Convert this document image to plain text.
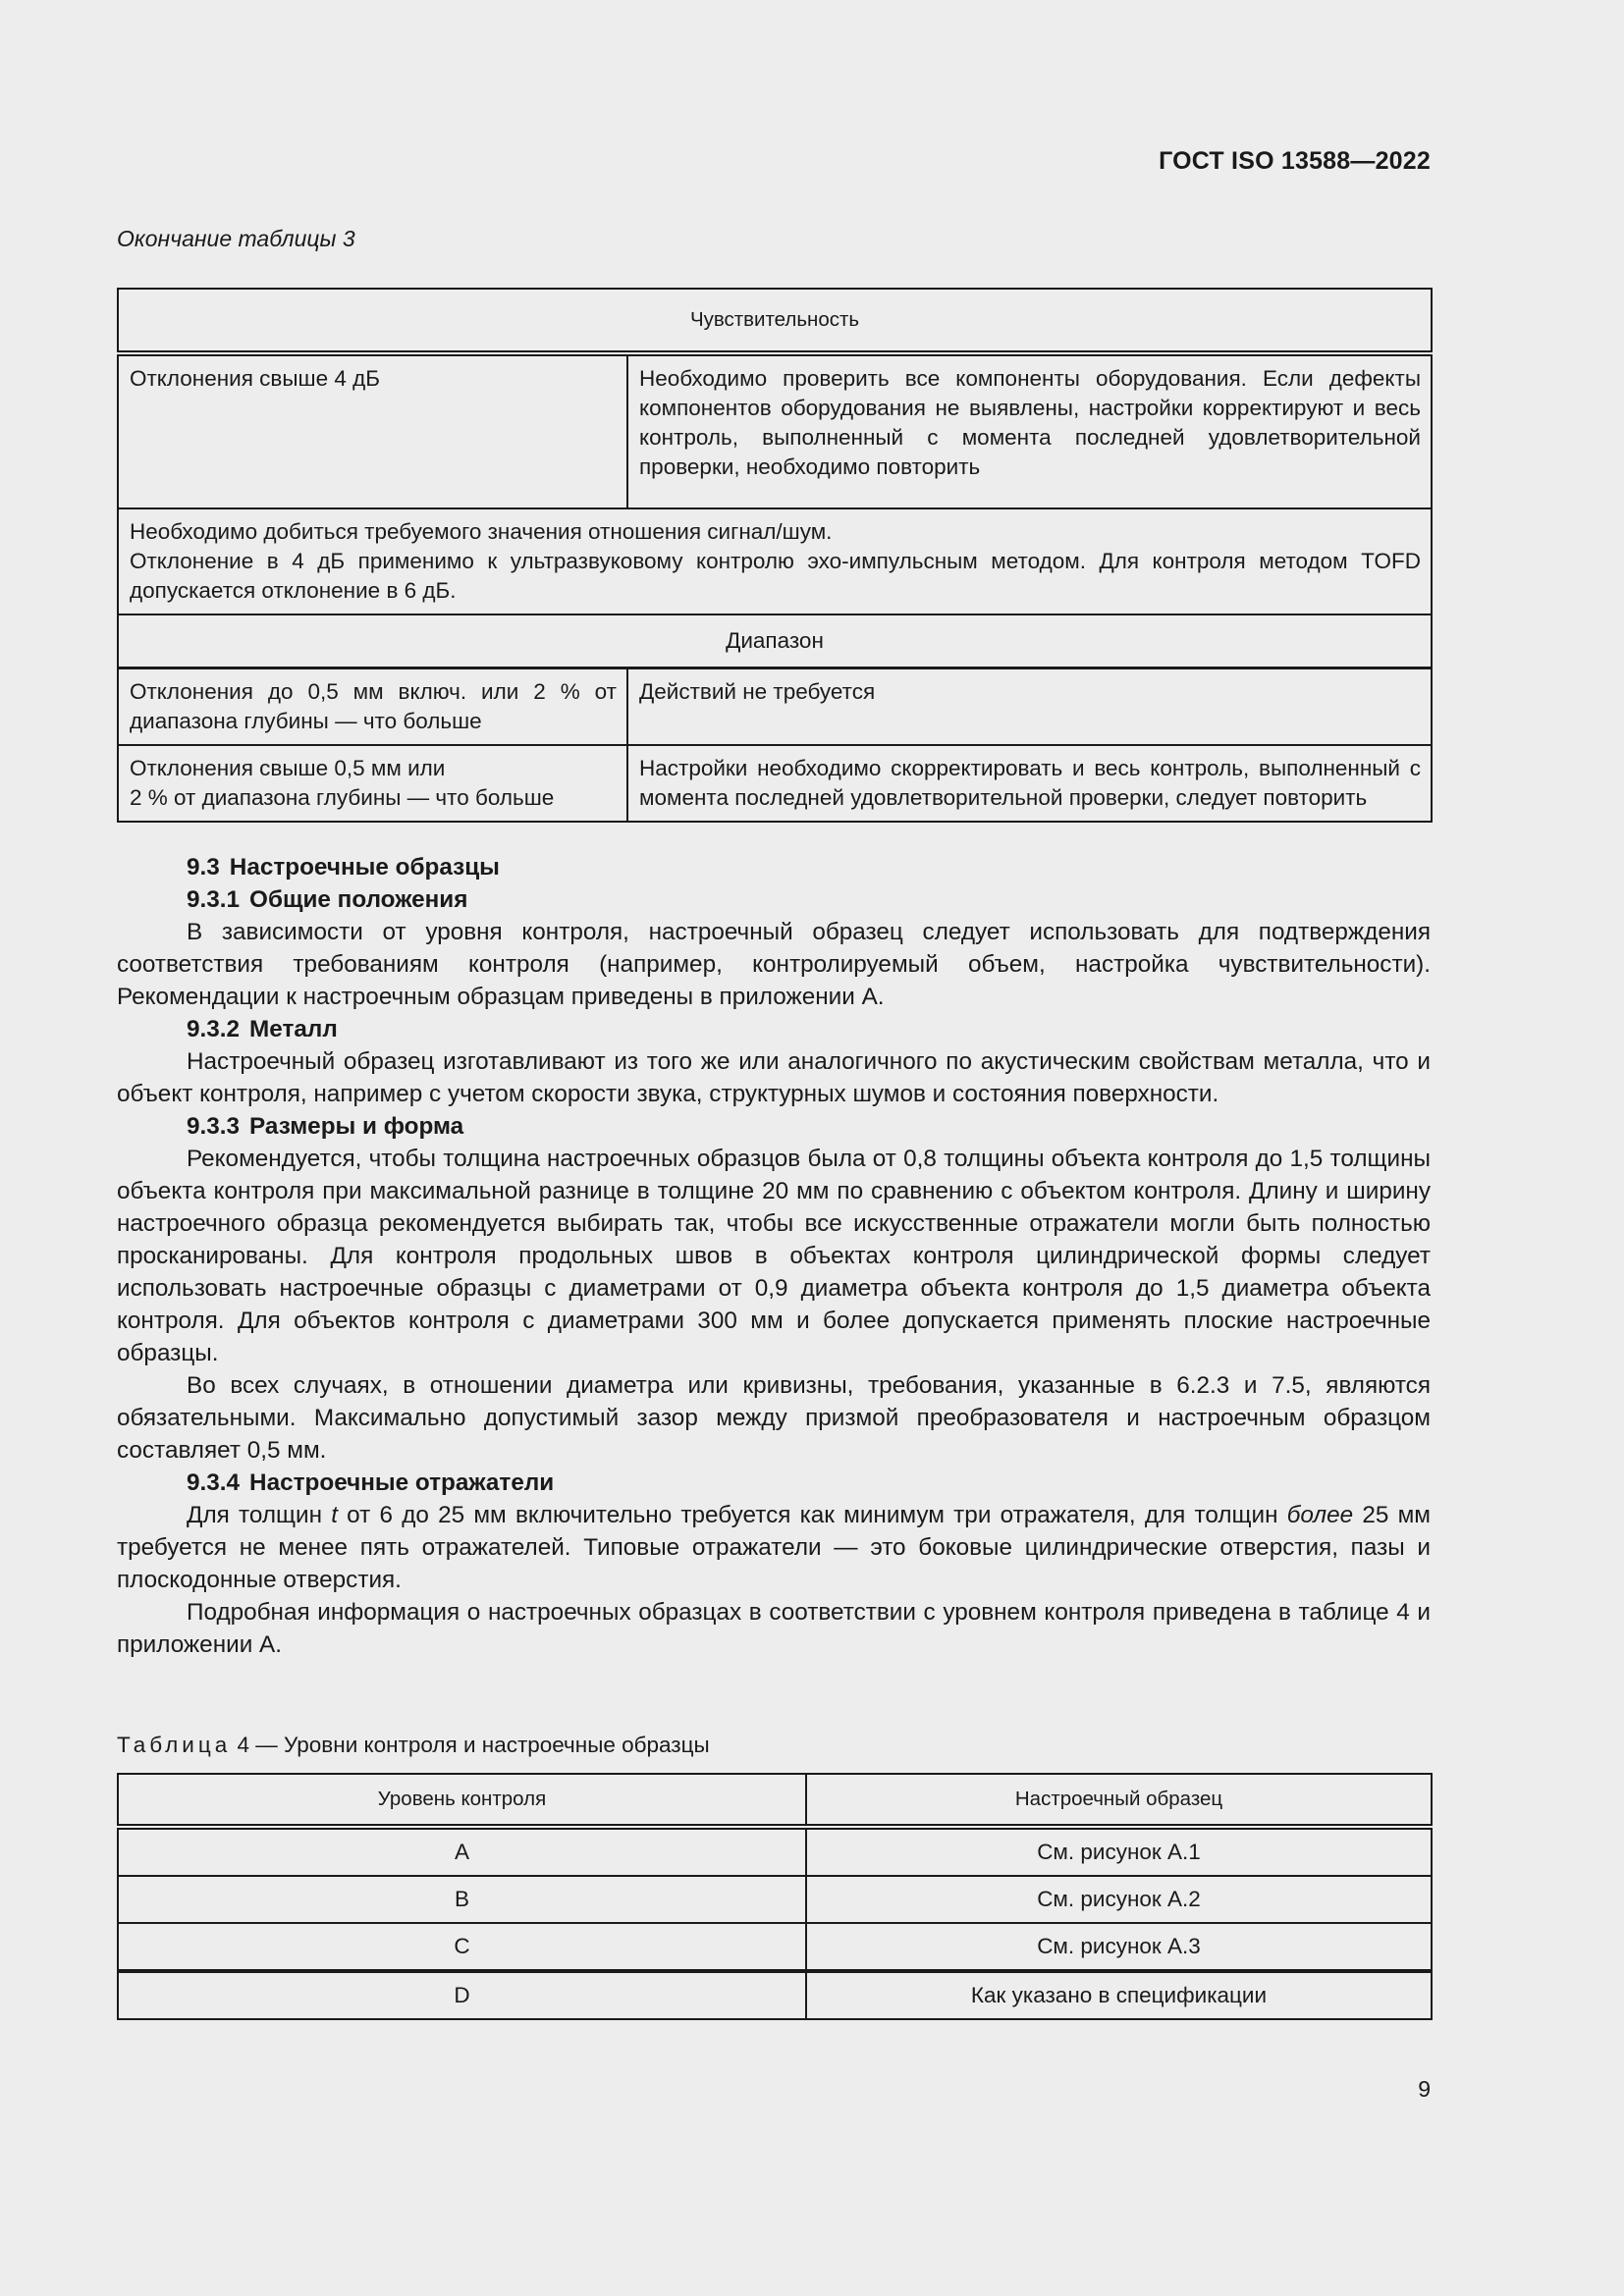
ГОСТ ISO 13588—2022
Окончание таблицы 3
Чувствительность	
Отклонения свыше 4 дБ	Необходимо проверить все компоненты оборудования. Если дефекты компонентов оборудования не выявлены, настройки корректируют и весь контроль, выполненный с момента последней удовлетворительной проверки, необходимо повторить

Необходимо добиться требуемого значения отношения сигнал/шум.
Отклонение в 4 дБ применимо к ультразвуковому контролю эхо-импульсным методом. Для контроля методом TOFD допускается отклонение в 6 дБ.	

Диапазон	
Отклонения до 0,5 мм включ. или 2 % от диапазона глубины — что больше	Действий не требуется

Отклонения свыше 0,5 мм или
2 % от диапазона глубины — что больше	Настройки необходимо скорректировать и весь контроль, выполненный с момента последней удовлетворительной проверки, следует повторить
9.3 Настроечные образцы
9.3.1 Общие положения

В зависимости от уровня контроля, настроечный образец следует использовать для подтверждения соответствия требованиям контроля (например, контролируемый объем, настройка чувствительности). Рекомендации к настроечным образцам приведены в приложении А.

9.3.2 Металл

Настроечный образец изготавливают из того же или аналогичного по акустическим свойствам металла, что и объект контроля, например с учетом скорости звука, структурных шумов и состояния поверхности.

9.3.3 Размеры и форма

Рекомендуется, чтобы толщина настроечных образцов была от 0,8 толщины объекта контроля до 1,5 толщины объекта контроля при максимальной разнице в толщине 20 мм по сравнению с объектом контроля. Длину и ширину настроечного образца рекомендуется выбирать так, чтобы все искусственные отражатели могли быть полностью просканированы. Для контроля продольных швов в объектах контроля цилиндрической формы следует использовать настроечные образцы с диаметрами от 0,9 диаметра объекта контроля до 1,5 диаметра объекта контроля. Для объектов контроля с диаметрами 300 мм и более допускается применять плоские настроечные образцы.

Во всех случаях, в отношении диаметра или кривизны, требования, указанные в 6.2.3 и 7.5, являются обязательными. Максимально допустимый зазор между призмой преобразователя и настроечным образцом составляет 0,5 мм.

9.3.4 Настроечные отражатели

Для толщин t от 6 до 25 мм включительно требуется как минимум три отражателя, для толщин более 25 мм требуется не менее пять отражателей. Типовые отражатели — это боковые цилиндрические отверстия, пазы и плоскодонные отверстия.

Подробная информация о настроечных образцах в соответствии с уровнем контроля приведена в таблице 4 и приложении А.

Таблица 4 — Уровни контроля и настроечные образцы
Уровень контроля	Настроечный образец
A	См. рисунок А.1
B	См. рисунок А.2
C	См. рисунок А.3
D	Как указано в спецификации
9
